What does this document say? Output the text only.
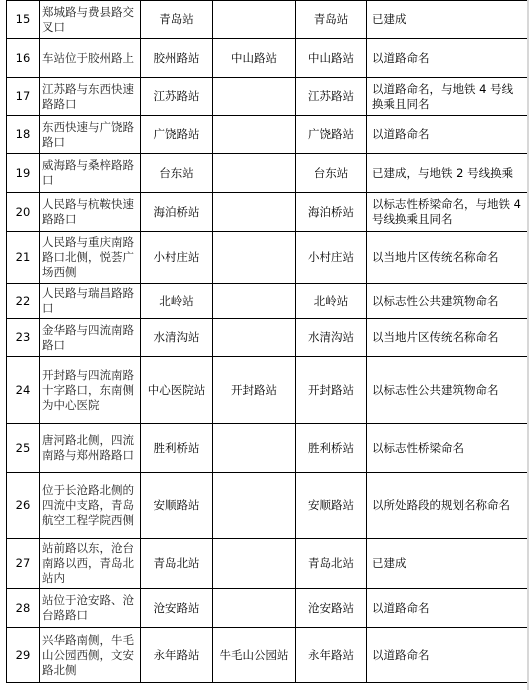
15	郑城路与费县路交叉口	青岛站		青岛站	已建成
16	车站位于胶州路上	胶州路站	中山路站	中山路站	以道路命名
17	江苏路与东西快速路路口	江苏路站		江苏路站	以道路命名，与地铁 4 号线换乘且同名
18	东西快速与广饶路路口	广饶路站		广饶路站	以道路命名
19	威海路与桑梓路路口	台东站		台东站	已建成，与地铁 2 号线换乘
20	人民路与杭鞍快速路路口	海泊桥站		海泊桥站	以标志性桥梁命名，与地铁 4 号线换乘且同名
21	人民路与重庆南路路口北侧，悦荟广场西侧	小村庄站		小村庄站	以当地片区传统名称命名
22	人民路与瑞昌路路口	北岭站		北岭站	以标志性公共建筑物命名
23	金华路与四流南路路口	水清沟站		水清沟站	以当地片区传统名称命名
24	开封路与四流南路十字路口，东南侧为中心医院	中心医院站	开封路站	开封路站	以标志性公共建筑物命名
25	唐河路北侧，四流南路与郑州路路口	胜利桥站		胜利桥站	以标志性桥梁命名
26	位于长沧路北侧的四流中支路，青岛航空工程学院西侧	安顺路站		安顺路站	以所处路段的规划名称命名
27	站前路以东，沧台南路以西，青岛北站内	青岛北站		青岛北站	已建成
28	站位于沧安路、沧台路路口	沧安路站		沧安路站	以道路命名
29	兴华路南侧，牛毛山公园西侧，文安路北侧	永年路站	牛毛山公园站	永年路站	以道路命名
